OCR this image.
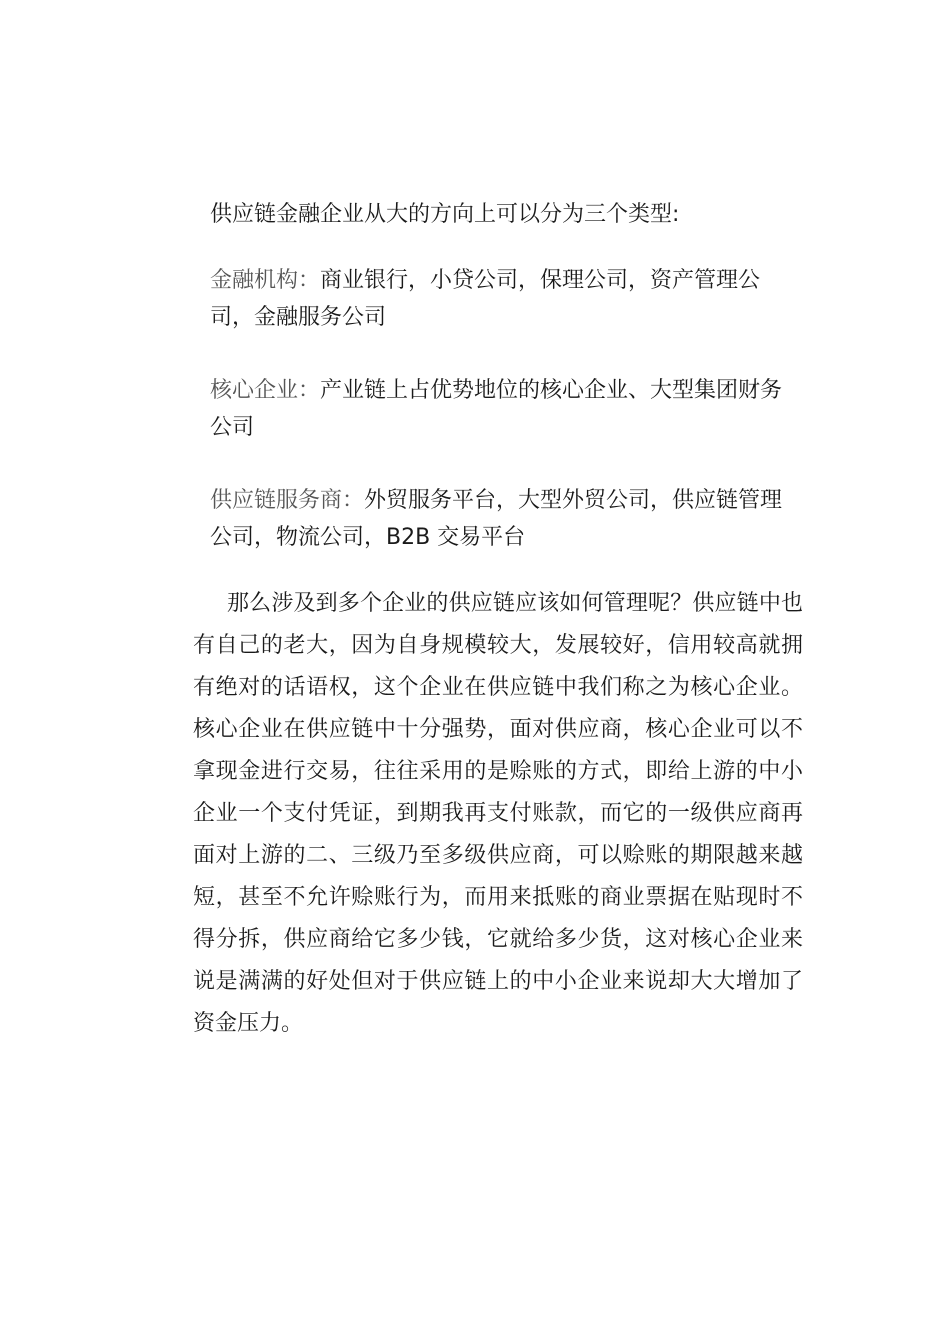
供应链金融企业从大的方向上可以分为三个类型:

金融机构：商业银行，小贷公司，保理公司，资产管理公司，金融服务公司
核心企业：产业链上占优势地位的核心企业、大型集团财务公司
供应链服务商：外贸服务平台，大型外贸公司，供应链管理公司，物流公司，B2B 交易平台

那么涉及到多个企业的供应链应该如何管理呢？供应链中也有自己的老大，因为自身规模较大，发展较好，信用较高就拥有绝对的话语权，这个企业在供应链中我们称之为核心企业。核心企业在供应链中十分强势，面对供应商，核心企业可以不拿现金进行交易，往往采用的是赊账的方式，即给上游的中小企业一个支付凭证，到期我再支付账款，而它的一级供应商再面对上游的二、三级乃至多级供应商，可以赊账的期限越来越短，甚至不允许赊账行为，而用来抵账的商业票据在贴现时不得分拆，供应商给它多少钱，它就给多少货，这对核心企业来说是满满的好处但对于供应链上的中小企业来说却大大增加了资金压力。
